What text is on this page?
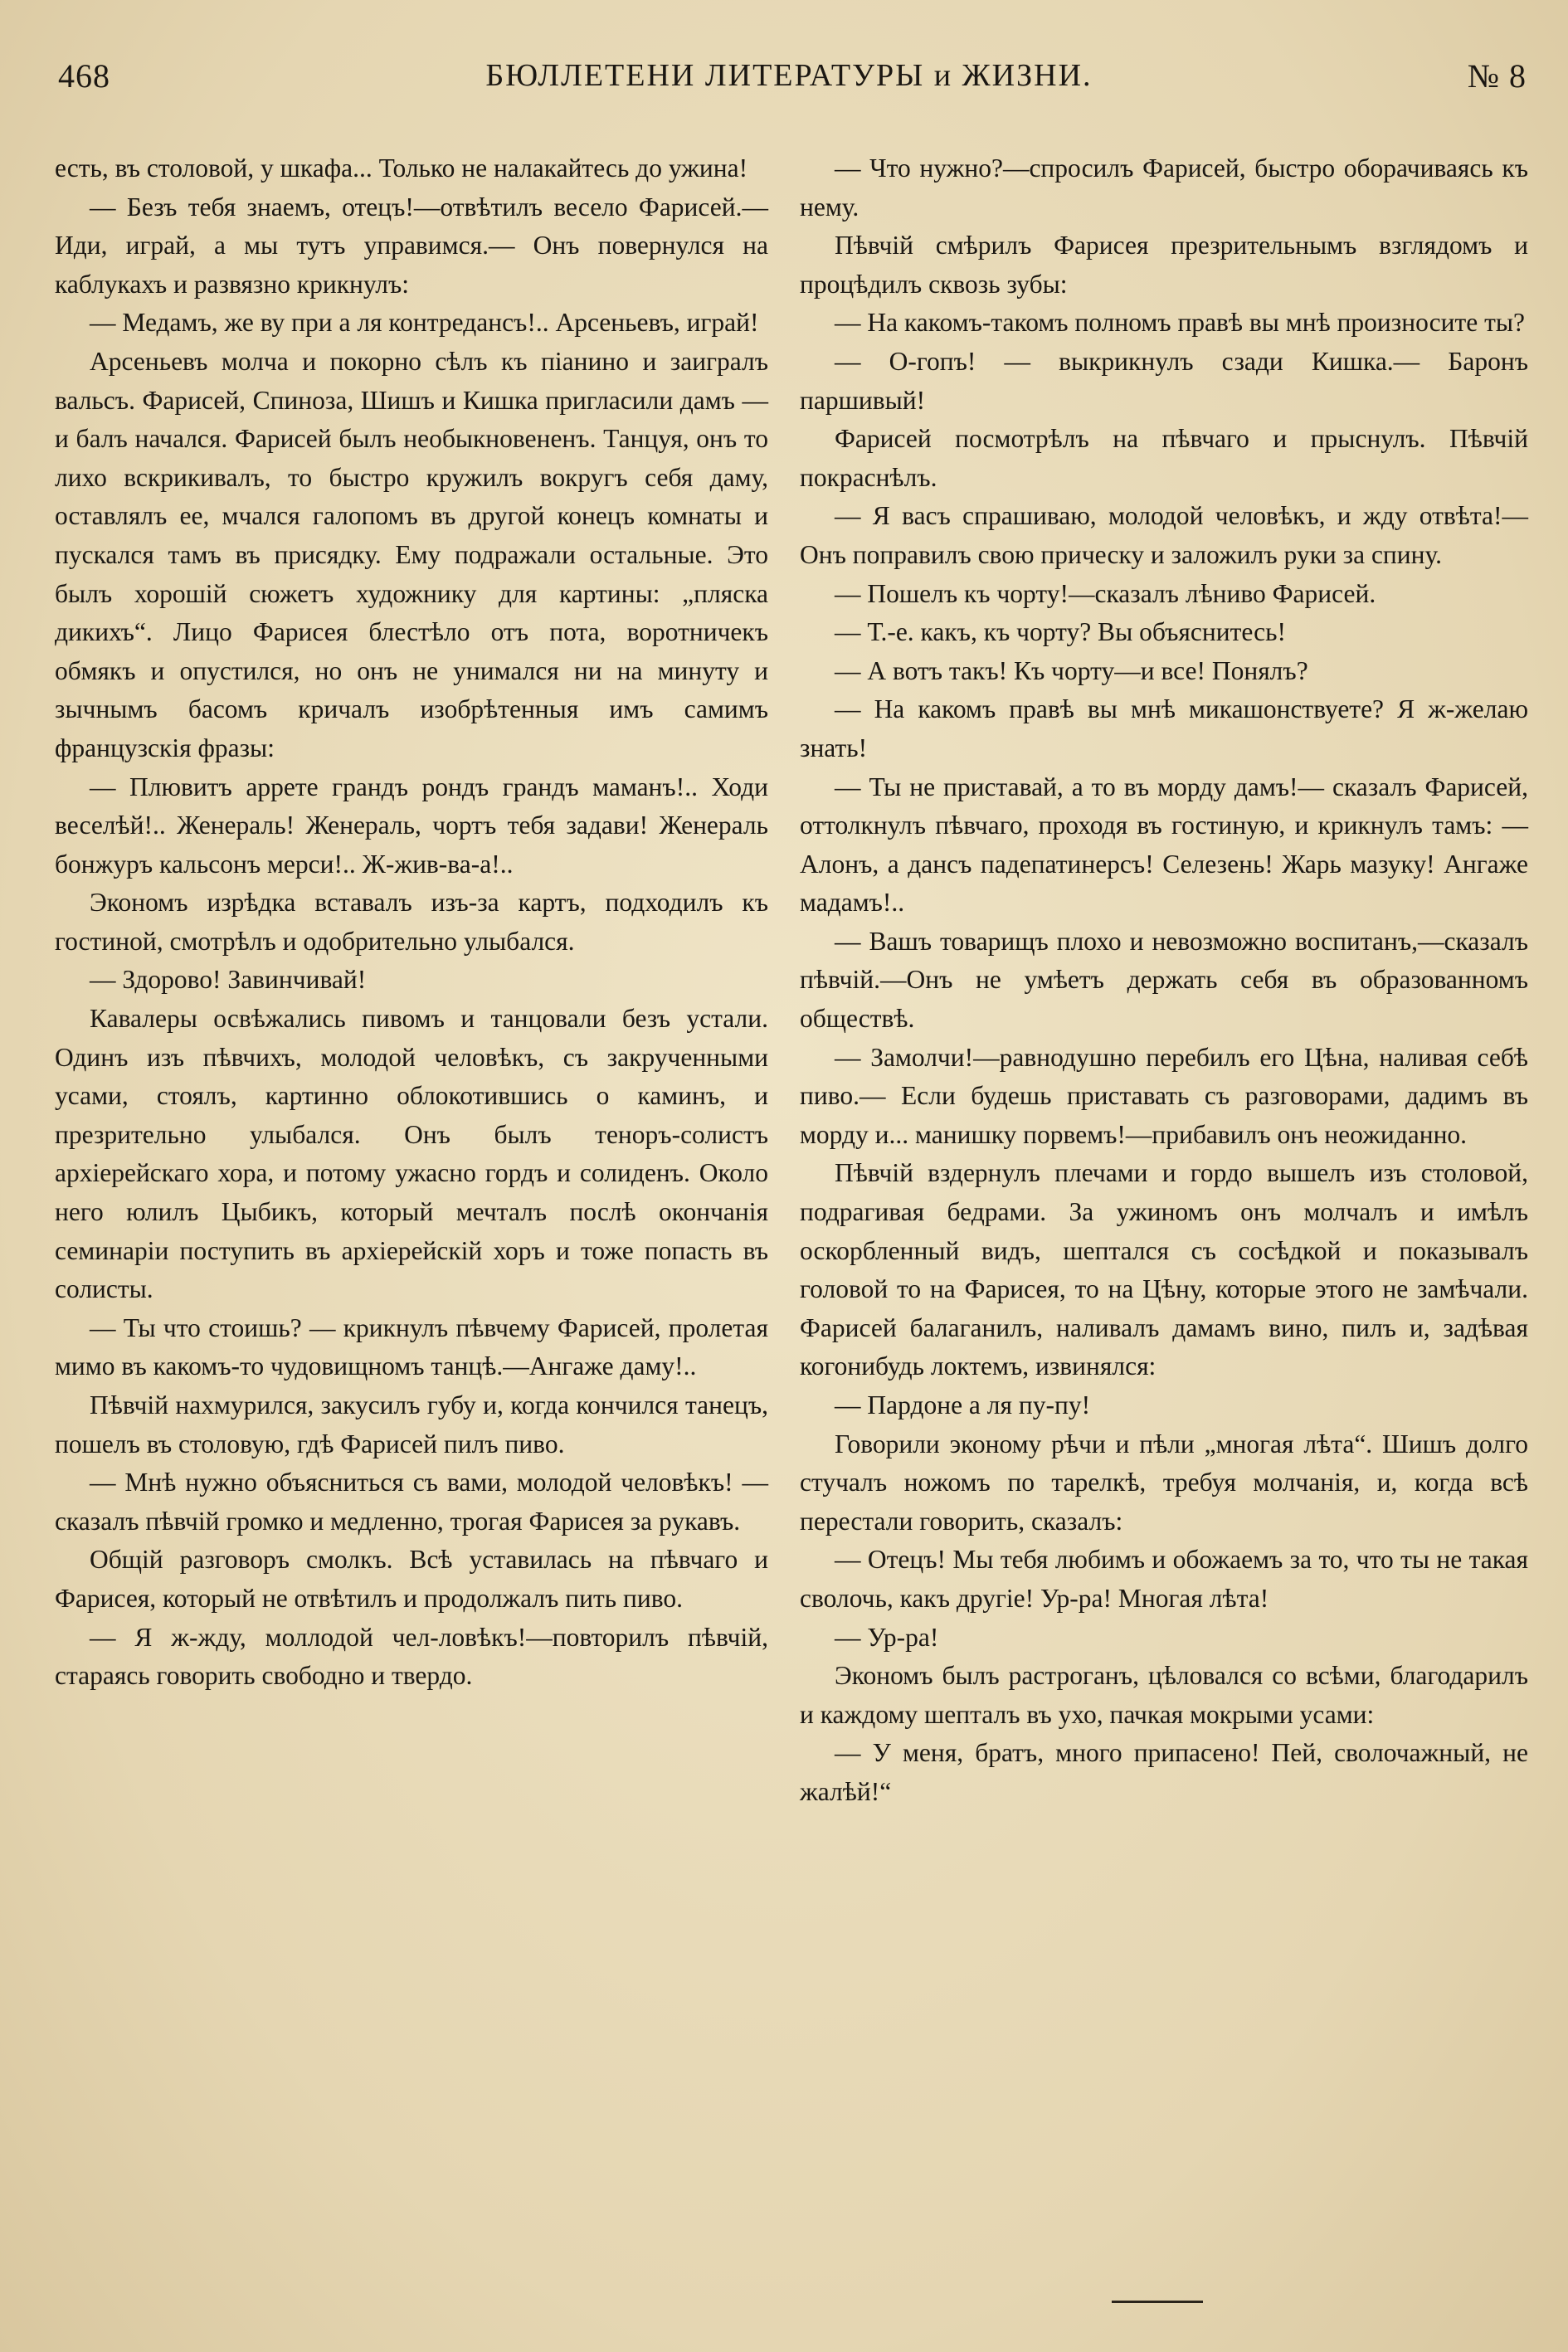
468	БЮЛЛЕТЕНИ ЛИТЕРАТУРЫ и ЖИЗНИ.	№ 8

есть, въ столовой, у шкафа... Только не налакайтесь до ужина!

— Безъ тебя знаемъ, отецъ!—отвѣтилъ весело Фарисей.—Иди, играй, а мы тутъ управимся.— Онъ повернулся на каблукахъ и развязно крикнулъ:

— Медамъ, же ву при а ля контредансъ!.. Арсеньевъ, играй!

Арсеньевъ молча и покорно сѣлъ къ піанино и заигралъ вальсъ. Фарисей, Спиноза, Шишъ и Кишка пригласили дамъ — и балъ начался. Фарисей былъ необыкновененъ. Танцуя, онъ то лихо вскрикивалъ, то быстро кружилъ вокругъ себя даму, оставлялъ ее, мчался галопомъ въ другой конецъ комнаты и пускался тамъ въ присядку. Ему подражали остальные. Это былъ хорошій сюжетъ художнику для картины: „пляска дикихъ“. Лицо Фарисея блестѣло отъ пота, воротничекъ обмякъ и опустился, но онъ не унимался ни на минуту и зычнымъ басомъ кричалъ изобрѣтенныя имъ самимъ французскія фразы:

— Плювитъ аррете грандъ рондъ грандъ маманъ!.. Ходи веселѣй!.. Женераль! Женераль, чортъ тебя задави! Женераль бонжуръ кальсонъ мерси!.. Ж-жив-ва-а!..

Экономъ изрѣдка вставалъ изъ-за картъ, подходилъ къ гостиной, смотрѣлъ и одобрительно улыбался.

— Здорово! Завинчивай!

Кавалеры освѣжались пивомъ и танцовали безъ устали. Одинъ изъ пѣвчихъ, молодой человѣкъ, съ закрученными усами, стоялъ, картинно облокотившись о каминъ, и презрительно улыбался. Онъ былъ теноръ-солистъ архіерейскаго хора, и потому ужасно гордъ и солиденъ. Около него юлилъ Цыбикъ, который мечталъ послѣ окончанія семинаріи поступить въ архіерейскій хоръ и тоже попасть въ солисты.

— Ты что стоишь? — крикнулъ пѣвчему Фарисей, пролетая мимо въ какомъ-то чудовищномъ танцѣ.—Ангаже даму!..

Пѣвчій нахмурился, закусилъ губу и, когда кончился танецъ, пошелъ въ столовую, гдѣ Фарисей пилъ пиво.

— Мнѣ нужно объясниться съ вами, молодой человѣкъ! — сказалъ пѣвчій громко и медленно, трогая Фарисея за рукавъ.

Общій разговоръ смолкъ. Всѣ уставилась на пѣвчаго и Фарисея, который не отвѣтилъ и продолжалъ пить пиво.

— Я ж-жду, моллодой чел-ловѣкъ!—повторилъ пѣвчій, стараясь говорить свободно и твердо.

— Что нужно?—спросилъ Фарисей, быстро оборачиваясь къ нему.

Пѣвчій смѣрилъ Фарисея презрительнымъ взглядомъ и процѣдилъ сквозь зубы:

— На какомъ-такомъ полномъ правѣ вы мнѣ произносите ты?

— О-гопъ! — выкрикнулъ сзади Кишка.— Баронъ паршивый!

Фарисей посмотрѣлъ на пѣвчаго и прыснулъ. Пѣвчій покраснѣлъ.

— Я васъ спрашиваю, молодой человѣкъ, и жду отвѣта!—Онъ поправилъ свою прическу и заложилъ руки за спину.

— Пошелъ къ чорту!—сказалъ лѣниво Фарисей.

— Т.-е. какъ, къ чорту? Вы объяснитесь!

— А вотъ такъ! Къ чорту—и все! Понялъ?

— На какомъ правѣ вы мнѣ микашонствуете? Я ж-желаю знать!

— Ты не приставай, а то въ морду дамъ!— сказалъ Фарисей, оттолкнулъ пѣвчаго, проходя въ гостиную, и крикнулъ тамъ: — Алонъ, а дансъ падепатинерсъ! Селезень! Жарь мазуку! Ангаже мадамъ!..

— Вашъ товарищъ плохо и невозможно воспитанъ,—сказалъ пѣвчій.—Онъ не умѣетъ держать себя въ образованномъ обществѣ.

— Замолчи!—равнодушно перебилъ его Цѣна, наливая себѣ пиво.— Если будешь приставать съ разговорами, дадимъ въ морду и... манишку порвемъ!—прибавилъ онъ неожиданно.

Пѣвчій вздернулъ плечами и гордо вышелъ изъ столовой, подрагивая бедрами. За ужиномъ онъ молчалъ и имѣлъ оскорбленный видъ, шептался съ сосѣдкой и показывалъ головой то на Фарисея, то на Цѣну, которые этого не замѣчали. Фарисей балаганилъ, наливалъ дамамъ вино, пилъ и, задѣвая когонибудь локтемъ, извинялся:

— Пардоне а ля пу-пу!

Говорили эконому рѣчи и пѣли „многая лѣта“. Шишъ долго стучалъ ножомъ по тарелкѣ, требуя молчанія, и, когда всѣ перестали говорить, сказалъ:

— Отецъ! Мы тебя любимъ и обожаемъ за то, что ты не такая сволочь, какъ другіе! Ур-ра! Многая лѣта!

— Ур-ра!

Экономъ былъ растроганъ, цѣловался со всѣми, благодарилъ и каждому шепталъ въ ухо, пачкая мокрыми усами:

— У меня, братъ, много припасено! Пей, сволочажный, не жалѣй!“
